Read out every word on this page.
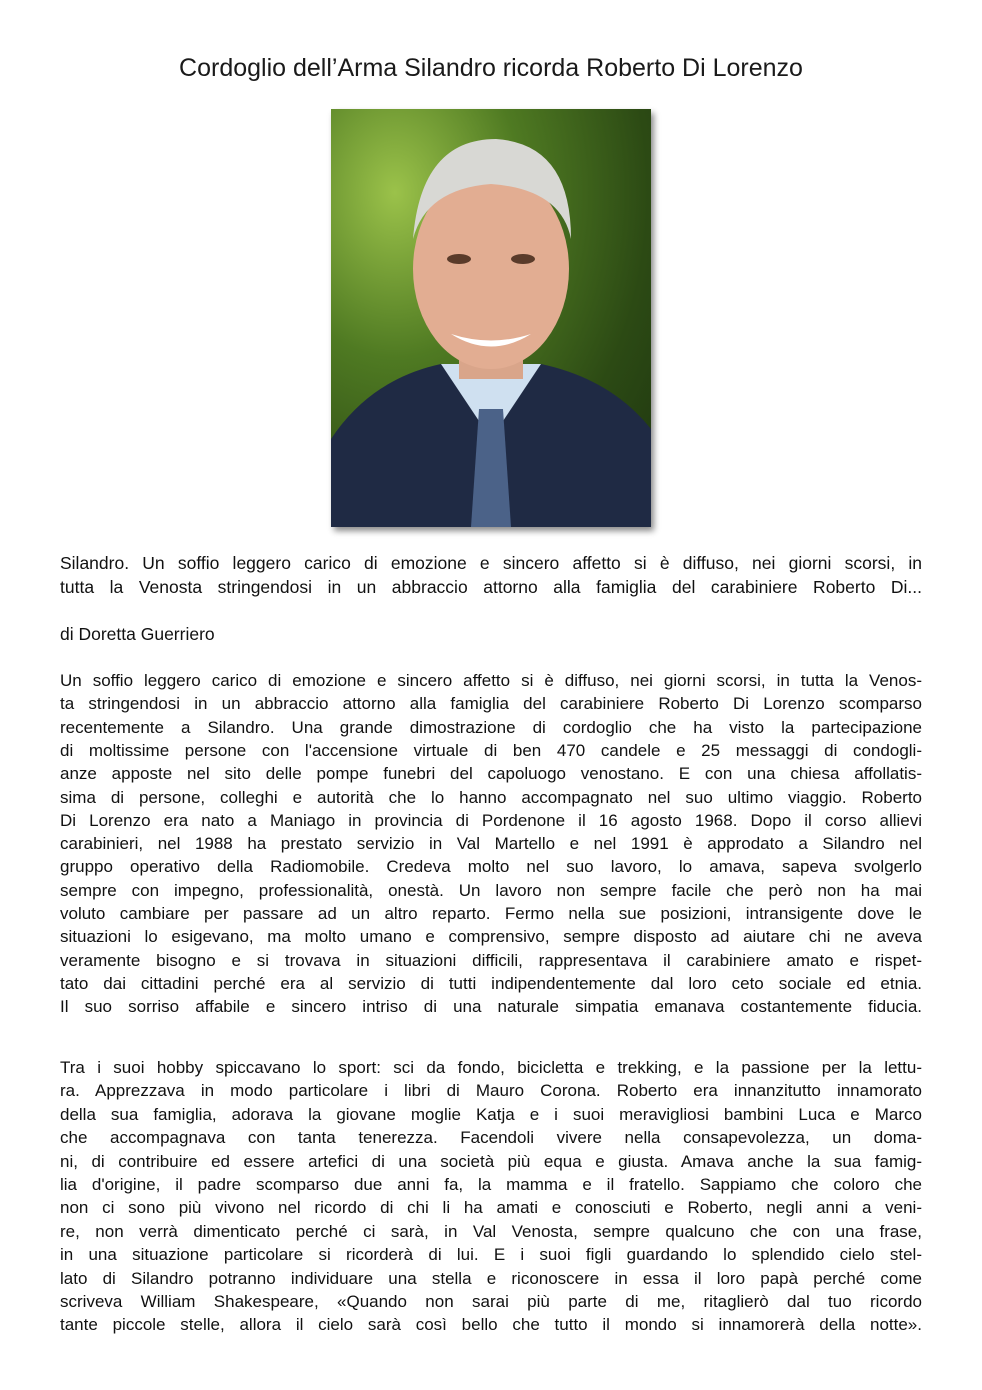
Cordoglio dell’Arma Silandro ricorda Roberto Di Lorenzo
Silandro. Un soffio leggero carico di emozione e sincero affetto si è diffuso, nei giorni scorsi, in
tutta la Venosta stringendosi in un abbraccio attorno alla famiglia del carabiniere Roberto Di...
di Doretta Guerriero
Un soffio leggero carico di emozione e sincero affetto si è diffuso, nei giorni scorsi, in tutta la Venos-
ta stringendosi in un abbraccio attorno alla famiglia del carabiniere Roberto Di Lorenzo scomparso
recentemente a Silandro. Una grande dimostrazione di cordoglio che ha visto la partecipazione
di moltissime persone con l'accensione virtuale di ben 470 candele e 25 messaggi di condogli-
anze apposte nel sito delle pompe funebri del capoluogo venostano. E con una chiesa affollatis-
sima di persone, colleghi e autorità che lo hanno accompagnato nel suo ultimo viaggio. Roberto
Di Lorenzo era nato a Maniago in provincia di Pordenone il 16 agosto 1968. Dopo il corso allievi
carabinieri, nel 1988 ha prestato servizio in Val Martello e nel 1991 è approdato a Silandro nel
gruppo operativo della Radiomobile. Credeva molto nel suo lavoro, lo amava, sapeva svolgerlo
sempre con impegno, professionalità, onestà. Un lavoro non sempre facile che però non ha mai
voluto cambiare per passare ad un altro reparto. Fermo nella sue posizioni, intransigente dove le
situazioni lo esigevano, ma molto umano e comprensivo, sempre disposto ad aiutare chi ne aveva
veramente bisogno e si trovava in situazioni difficili, rappresentava il carabiniere amato e rispet-
tato dai cittadini perché era al servizio di tutti indipendentemente dal loro ceto sociale ed etnia.
Il suo sorriso affabile e sincero intriso di una naturale simpatia emanava costantemente fiducia.
Tra i suoi hobby spiccavano lo sport: sci da fondo, bicicletta e trekking, e la passione per la lettu-
ra. Apprezzava in modo particolare i libri di Mauro Corona. Roberto era innanzitutto innamorato
della sua famiglia, adorava la giovane moglie Katja e i suoi meravigliosi bambini Luca e Marco
che accompagnava con tanta tenerezza. Facendoli vivere nella consapevolezza, un doma-
ni, di contribuire ed essere artefici di una società più equa e giusta. Amava anche la sua famig-
lia d'origine, il padre scomparso due anni fa, la mamma e il fratello. Sappiamo che coloro che
non ci sono più vivono nel ricordo di chi li ha amati e conosciuti e Roberto, negli anni a veni-
re, non verrà dimenticato perché ci sarà, in Val Venosta, sempre qualcuno che con una frase,
in una situazione particolare si ricorderà di lui. E i suoi figli guardando lo splendido cielo stel-
lato di Silandro potranno individuare una stella e riconoscere in essa il loro papà perché come
scriveva William Shakespeare, «Quando non sarai più parte di me, ritaglierò dal tuo ricordo
tante piccole stelle, allora il cielo sarà così bello che tutto il mondo si innamorerà della notte».
